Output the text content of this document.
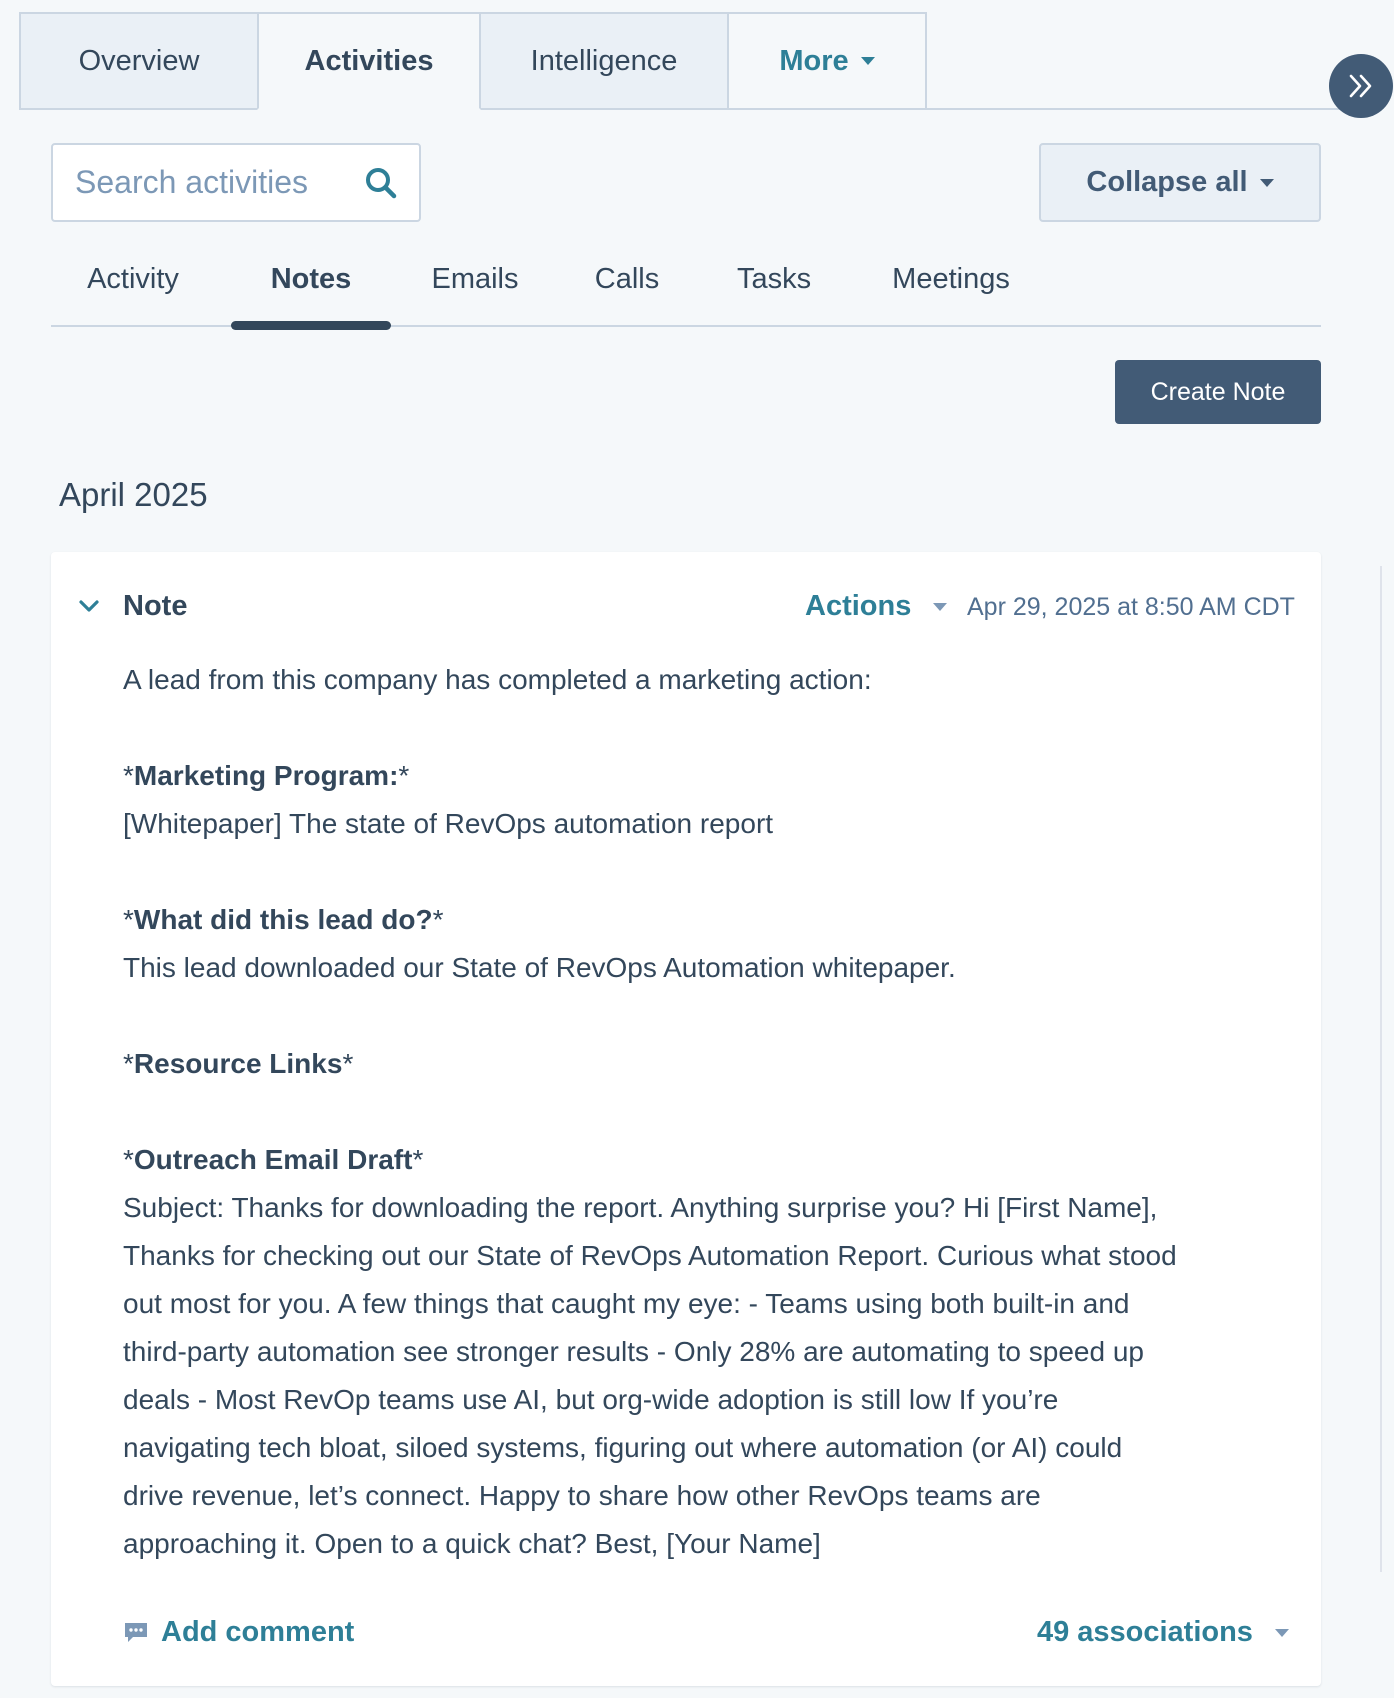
Overview	Activities	Intelligence	More
Search activities
Collapse all
Activity	Notes	Emails	Calls	Tasks	Meetings
Create Note
April 2025
Note	Actions	Apr 29, 2025 at 8:50 AM CDT

A lead from this company has completed a marketing action:

*Marketing Program:*

[Whitepaper] The state of RevOps automation report

*What did this lead do?*

This lead downloaded our State of RevOps Automation whitepaper.

*Resource Links*

*Outreach Email Draft*

Subject: Thanks for downloading the report. Anything surprise you? Hi [First Name],

Thanks for checking out our State of RevOps Automation Report. Curious what stood

out most for you. A few things that caught my eye: - Teams using both built-in and

third-party automation see stronger results - Only 28% are automating to speed up

deals - Most RevOp teams use AI, but org-wide adoption is still low If you’re

navigating tech bloat, siloed systems, figuring out where automation (or AI) could

drive revenue, let’s connect. Happy to share how other RevOps teams are

approaching it. Open to a quick chat? Best, [Your Name]

Add comment	49 associations
